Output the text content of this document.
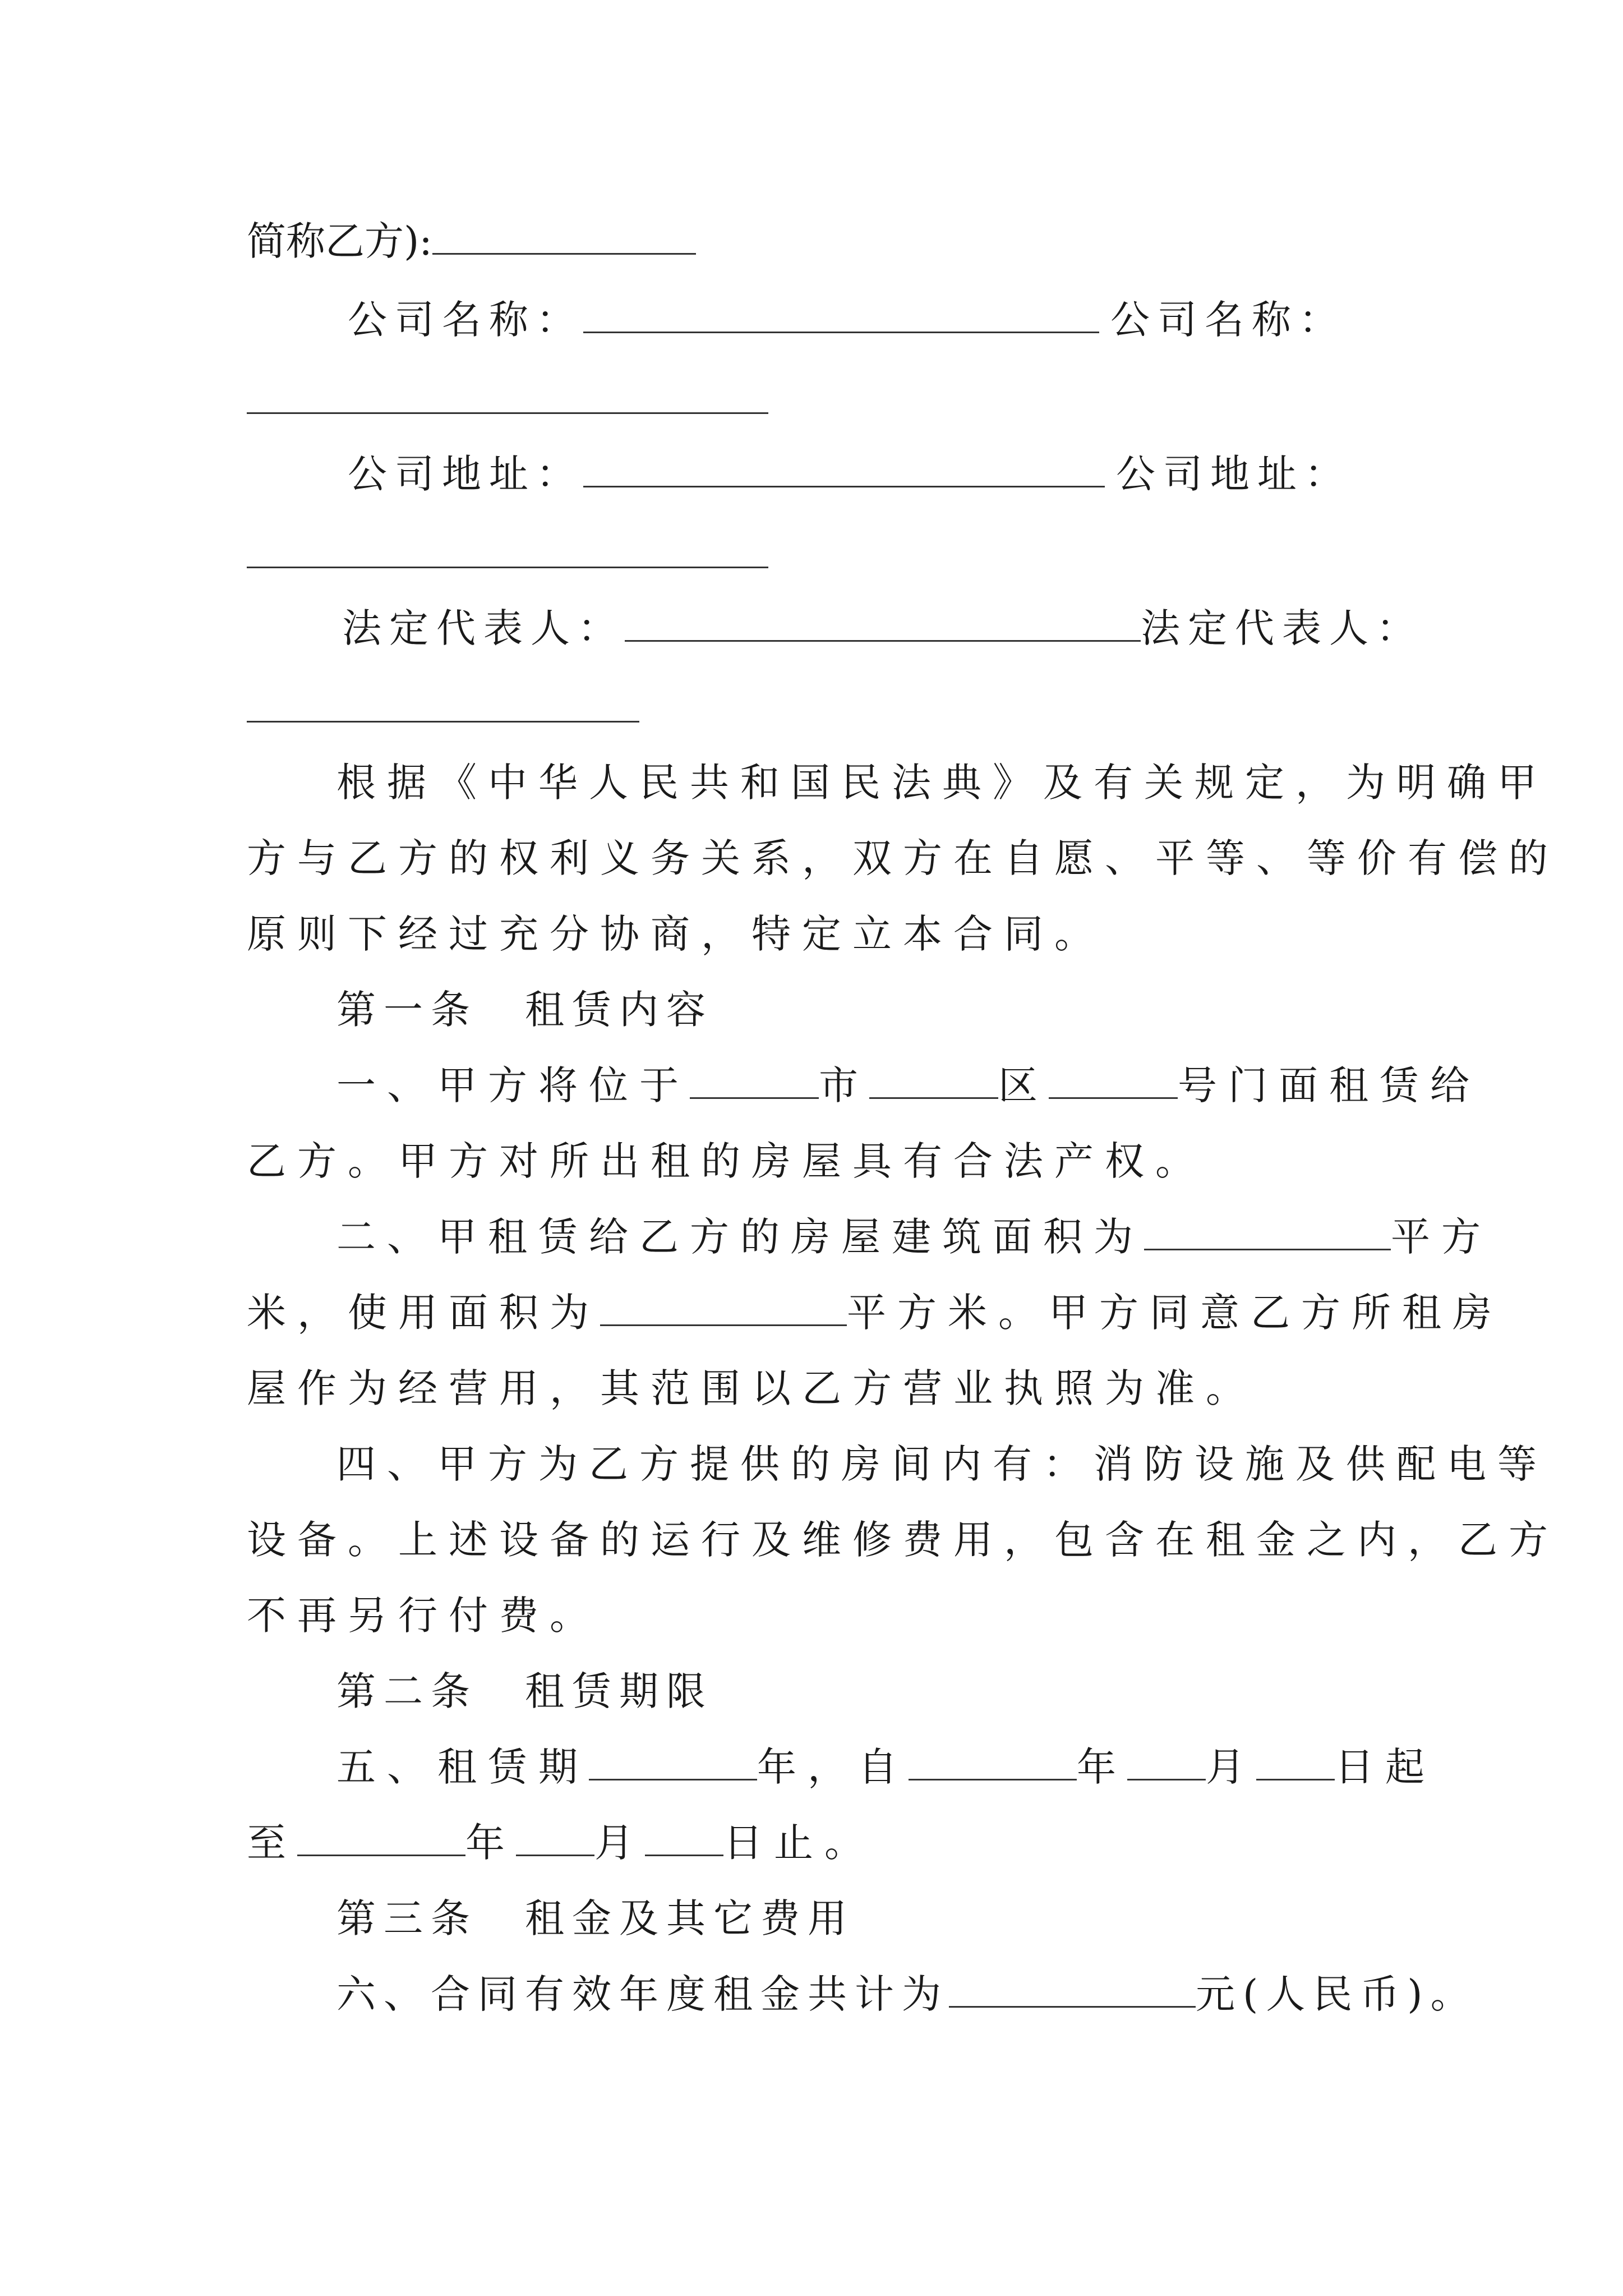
简称乙方):

公司名称：	公司名称：

公司地址：	公司地址：

法定代表人：	法定代表人：

根据《中华人民共和国民法典》及有关规定，为明确甲

方与乙方的权利义务关系，双方在自愿、平等、等价有偿的

原则下经过充分协商，特定立本合同。

第一条　租赁内容

一、甲方将位于	市	区	号门面租赁给

乙方。甲方对所出租的房屋具有合法产权。

二、甲租赁给乙方的房屋建筑面积为	平方

米，使用面积为	平方米。甲方同意乙方所租房

屋作为经营用，其范围以乙方营业执照为准。

四、甲方为乙方提供的房间内有：消防设施及供配电等

设备。上述设备的运行及维修费用，包含在租金之内，乙方

不再另行付费。

第二条　租赁期限

五、租赁期	年，自	年 月 日起

至	年 月 日止。

第三条　租金及其它费用

六、合同有效年度租金共计为	元(人民币)。
